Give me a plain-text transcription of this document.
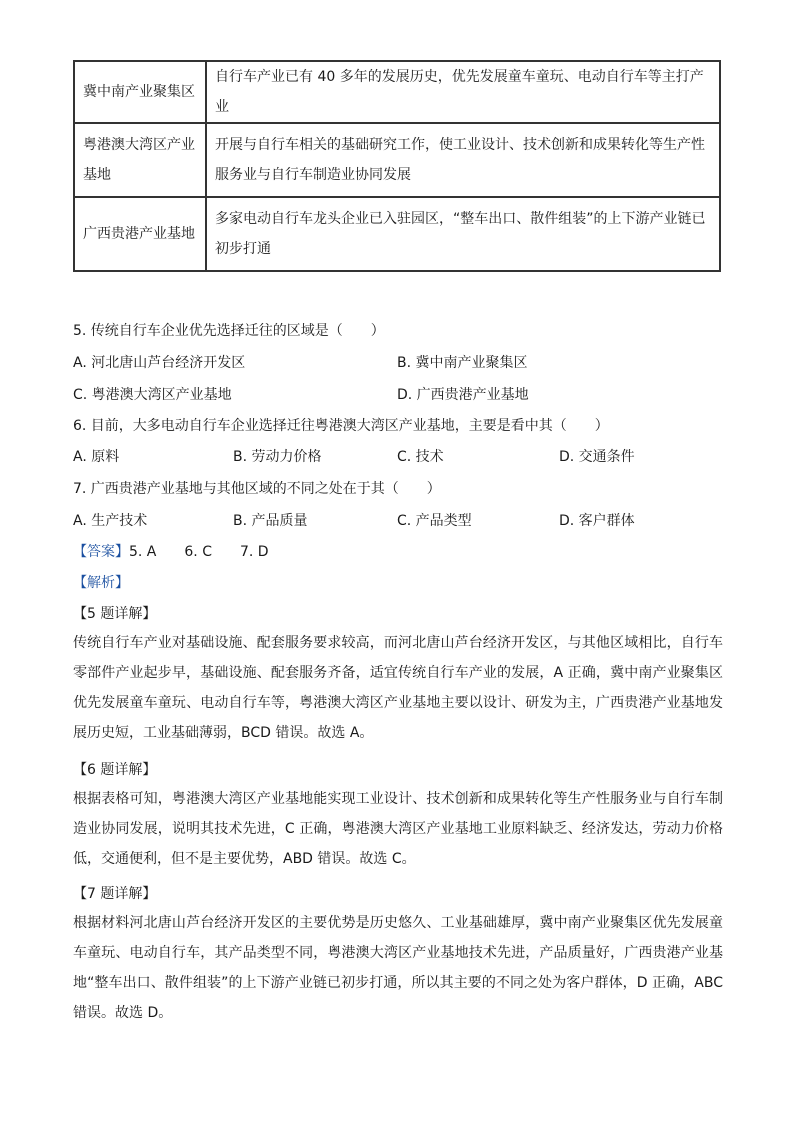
冀中南产业聚集区	自行车产业已有 40 多年的发展历史，优先发展童车童玩、电动自行车等主打产业
粤港澳大湾区产业基地	开展与自行车相关的基础研究工作，使工业设计、技术创新和成果转化等生产性服务业与自行车制造业协同发展
广西贵港产业基地	多家电动自行车龙头企业已入驻园区，“整车出口、散件组装”的上下游产业链已初步打通
5. 传统自行车企业优先选择迁往的区域是（　　）
A. 河北唐山芦台经济开发区	B. 冀中南产业聚集区
C. 粤港澳大湾区产业基地	D. 广西贵港产业基地
6. 目前，大多电动自行车企业选择迁往粤港澳大湾区产业基地，主要是看中其（　　）
A. 原料	B. 劳动力价格	C. 技术	D. 交通条件
7. 广西贵港产业基地与其他区域的不同之处在于其（　　）
A. 生产技术	B. 产品质量	C. 产品类型	D. 客户群体
【答案】5. A　　6. C　　7. D
【解析】
【5 题详解】
传统自行车产业对基础设施、配套服务要求较高，而河北唐山芦台经济开发区，与其他区域相比，自行车零部件产业起步早，基础设施、配套服务齐备，适宜传统自行车产业的发展，A 正确，冀中南产业聚集区优先发展童车童玩、电动自行车等，粤港澳大湾区产业基地主要以设计、研发为主，广西贵港产业基地发展历史短，工业基础薄弱，BCD 错误。故选 A。
【6 题详解】
根据表格可知，粤港澳大湾区产业基地能实现工业设计、技术创新和成果转化等生产性服务业与自行车制造业协同发展，说明其技术先进，C 正确，粤港澳大湾区产业基地工业原料缺乏、经济发达，劳动力价格低，交通便利，但不是主要优势，ABD 错误。故选 C。
【7 题详解】
根据材料河北唐山芦台经济开发区的主要优势是历史悠久、工业基础雄厚，冀中南产业聚集区优先发展童车童玩、电动自行车，其产品类型不同，粤港澳大湾区产业基地技术先进，产品质量好，广西贵港产业基地“整车出口、散件组装”的上下游产业链已初步打通，所以其主要的不同之处为客户群体，D 正确，ABC 错误。故选 D。
